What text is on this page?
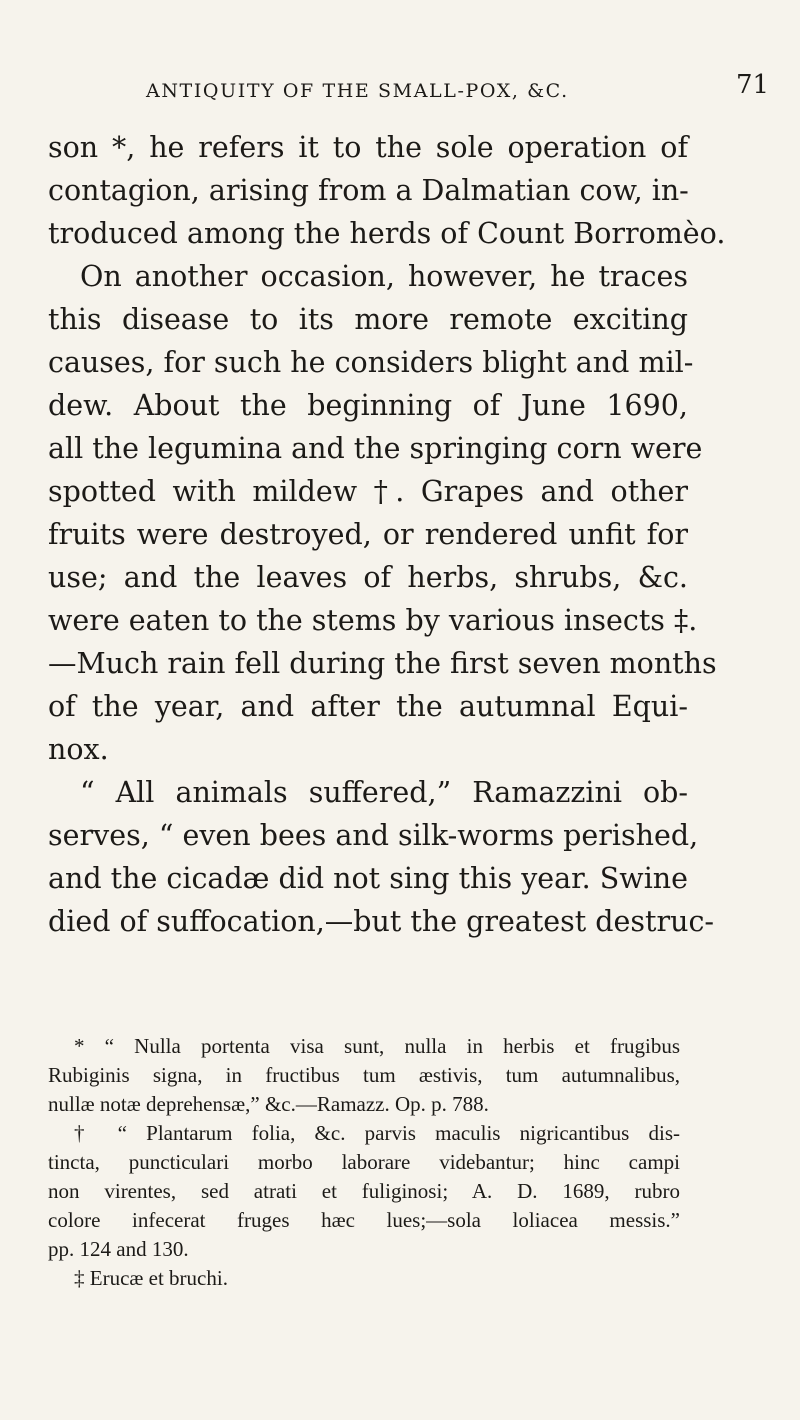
ANTIQUITY OF THE SMALL-POX, &C.	71
son *, he refers it to the sole operation of
contagion, arising from a Dalmatian cow, in-
troduced among the herds of Count Borromèo.
On another occasion, however, he traces
this disease to its more remote exciting
causes, for such he considers blight and mil-
dew. About the beginning of June 1690,
all the legumina and the springing corn were
spotted with mildew †. Grapes and other
fruits were destroyed, or rendered unfit for
use; and the leaves of herbs, shrubs, &c.
were eaten to the stems by various insects ‡.
—Much rain fell during the first seven months
of the year, and after the autumnal Equi-
nox.
“ All animals suffered,” Ramazzini ob-
serves, “ even bees and silk-worms perished,
and the cicadæ did not sing this year. Swine
died of suffocation,—but the greatest destruc-
* “ Nulla portenta visa sunt, nulla in herbis et frugibus
Rubiginis signa, in fructibus tum æstivis, tum autumnalibus,
nullæ notæ deprehensæ,” &c.—Ramazz. Op. p. 788.
† “ Plantarum folia, &c. parvis maculis nigricantibus dis-
tincta, puncticulari morbo laborare videbantur; hinc campi
non virentes, sed atrati et fuliginosi; A. D. 1689, rubro
colore infecerat fruges hæc lues;—sola loliacea messis.”
pp. 124 and 130.
‡ Erucæ et bruchi.
